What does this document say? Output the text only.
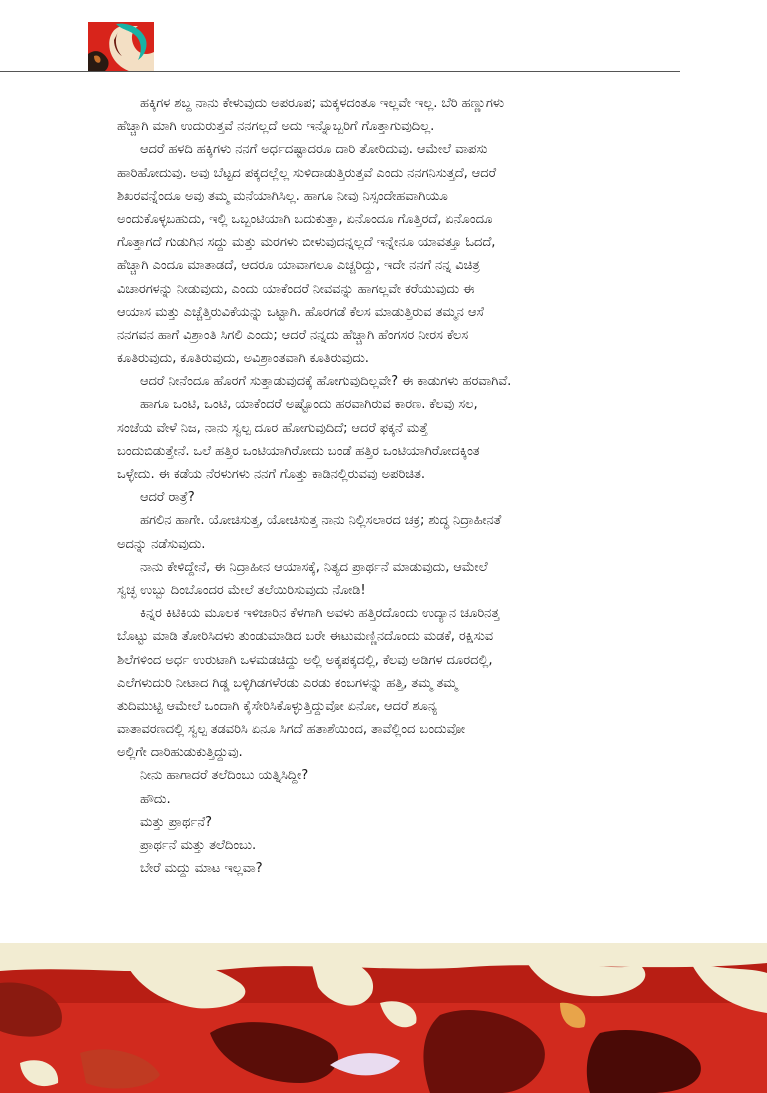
ಹಕ್ಕಿಗಳ ಶಬ್ದ ನಾನು ಕೇಳುವುದು ಅಪರೂಪ; ಮಕ್ಕಳದಂತೂ ಇಲ್ಲವೇ ಇಲ್ಲ. ಬೆರಿ ಹಣ್ಣುಗಳು
ಹೆಚ್ಚಾಗಿ ಮಾಗಿ ಉದುರುತ್ತವೆ ನನಗಲ್ಲದೆ ಅದು ಇನ್ನೊಬ್ಬರಿಗೆ ಗೊತ್ತಾಗುವುದಿಲ್ಲ.
ಆದರೆ ಹಳದಿ ಹಕ್ಕಿಗಳು ನನಗೆ ಅರ್ಧದಷ್ಟಾದರೂ ದಾರಿ ತೋರಿದುವು. ಆಮೇಲೆ ವಾಪಸು
ಹಾರಿಹೋದುವು. ಅವು ಬೆಟ್ಟದ ಪಕ್ಕದಲ್ಲೆಲ್ಲ ಸುಳಿದಾಡುತ್ತಿರುತ್ತವೆ ಎಂದು ನನಗನಿಸುತ್ತದೆ, ಆದರೆ
ಶಿಖರವನ್ನೆಂದೂ ಅವು ತಮ್ಮ ಮನೆಯಾಗಿಸಿಲ್ಲ. ಹಾಗೂ ನೀವು ನಿಸ್ಸಂದೇಹವಾಗಿಯೂ
ಅಂದುಕೊಳ್ಳಬಹುದು, ಇಲ್ಲಿ ಒಬ್ಬಂಟಿಯಾಗಿ ಬದುಕುತ್ತಾ, ಏನೊಂದೂ ಗೊತ್ತಿರದೆ, ಏನೊಂದೂ
ಗೊತ್ತಾಗದೆ ಗುಡುಗಿನ ಸದ್ದು ಮತ್ತು ಮರಗಳು ಬೀಳುವುದನ್ನಲ್ಲದೆ ಇನ್ನೇನೂ ಯಾವತ್ತೂ ಓದದೆ,
ಹೆಚ್ಚಾಗಿ ಎಂದೂ ಮಾತಾಡದೆ, ಆದರೂ ಯಾವಾಗಲೂ ಎಚ್ಚರಿದ್ದು, ಇದೇ ನನಗೆ ನನ್ನ ವಿಚಿತ್ರ
ವಿಚಾರಗಳನ್ನು ನೀಡುವುದು, ಎಂದು ಯಾಕೆಂದರೆ ನೀವವನ್ನು ಹಾಗಲ್ಲವೇ ಕರೆಯುವುದು ಈ
ಆಯಾಸ ಮತ್ತು ಎಚ್ಚೆತ್ತಿರುವಿಕೆಯನ್ನು ಒಟ್ಟಾಗಿ. ಹೊರಗಡೆ ಕೆಲಸ ಮಾಡುತ್ತಿರುವ ತಮ್ಮನ ಆಸೆ
ನನಗವನ ಹಾಗೆ ವಿಶ್ರಾಂತಿ ಸಿಗಲಿ ಎಂದು; ಆದರೆ ನನ್ನದು ಹೆಚ್ಚಾಗಿ ಹೆಂಗಸರ ನೀರಸ ಕೆಲಸ
ಕೂತಿರುವುದು, ಕೂತಿರುವುದು, ಅವಿಶ್ರಾಂತವಾಗಿ ಕೂತಿರುವುದು.
ಆದರೆ ನೀನೆಂದೂ ಹೊರಗೆ ಸುತ್ತಾಡುವುದಕ್ಕೆ ಹೋಗುವುದಿಲ್ಲವೇ? ಈ ಕಾಡುಗಳು ಹರವಾಗಿವೆ.
ಹಾಗೂ ಒಂಟಿ, ಒಂಟಿ, ಯಾಕೆಂದರೆ ಅಷ್ಟೊಂದು ಹರವಾಗಿರುವ ಕಾರಣ. ಕೆಲವು ಸಲ,
ಸಂಜೆಯ ವೇಳೆ ನಿಜ, ನಾನು ಸ್ವಲ್ಪ ದೂರ ಹೋಗುವುದಿದೆ; ಆದರೆ ಫಕ್ಕನೆ ಮತ್ತೆ
ಬಂದುಬಿಡುತ್ತೇನೆ. ಒಲೆ ಹತ್ತಿರ ಒಂಟಿಯಾಗಿರೋದು ಬಂಡೆ ಹತ್ತಿರ ಒಂಟಿಯಾಗಿರೋದಕ್ಕಿಂತ
ಒಳ್ಳೇದು. ಈ ಕಡೆಯ ನೆರಳುಗಳು ನನಗೆ ಗೊತ್ತು ಕಾಡಿನಲ್ಲಿರುವವು ಅಪರಿಚಿತ.
ಆದರೆ ರಾತ್ರೆ?
ಹಗಲಿನ ಹಾಗೇ. ಯೋಚಿಸುತ್ತ, ಯೋಚಿಸುತ್ತ ನಾನು ನಿಲ್ಲಿಸಲಾರದ ಚಕ್ರ; ಶುದ್ಧ ನಿದ್ರಾಹೀನತೆ
ಅದನ್ನು ನಡೆಸುವುದು.
ನಾನು ಕೇಳಿದ್ದೇನೆ, ಈ ನಿದ್ರಾಹೀನ ಆಯಾಸಕ್ಕೆ, ನಿತ್ಯದ ಪ್ರಾರ್ಥನೆ ಮಾಡುವುದು, ಆಮೇಲೆ
ಸ್ವಚ್ಛ ಉಬ್ಬು ದಿಂಬೊಂದರ ಮೇಲೆ ತಲೆಯಿರಿಸುವುದು ನೋಡಿ!
ಕಿನ್ನರ ಕಿಟಿಕಿಯ ಮೂಲಕ ಇಳಿಜಾರಿನ ಕೆಳಗಾಗಿ ಅವಳು ಹತ್ತಿರದೊಂದು ಉದ್ಯಾನ ಚೂರಿನತ್ತ
ಬೊಟ್ಟು ಮಾಡಿ ತೋರಿಸಿದಳು ತುಂಡುಮಾಡಿದ ಬರೇ ಈಟುಮಣ್ಣಿನದೊಂದು ಮಡಕೆ, ರಕ್ಷಿಸುವ
ಶಿಲೆಗಳಿಂದ ಅರ್ಧ ಉರುಟಾಗಿ ಒಳಮಡಚಿದ್ದು ಅಲ್ಲಿ ಅಕ್ಕಪಕ್ಕದಲ್ಲಿ, ಕೆಲವು ಅಡಿಗಳ ದೂರದಲ್ಲಿ,
ಎಲೆಗಳುದುರಿ ನೀಟಾದ ಗಿಡ್ಡ ಬಳ್ಳಿಗಿಡಗಳೆರಡು ಎರಡು ಕಂಬಗಳನ್ನು ಹತ್ತಿ, ತಮ್ಮ ತಮ್ಮ
ತುದಿಮುಟ್ಟಿ ಆಮೇಲೆ ಒಂದಾಗಿ ಕೈಸೇರಿಸಿಕೊಳ್ಳುತ್ತಿದ್ದುವೋ ಏನೋ, ಆದರೆ ಶೂನ್ಯ
ವಾತಾವರಣದಲ್ಲಿ ಸ್ವಲ್ಪ ತಡವರಿಸಿ ಏನೂ ಸಿಗದೆ ಹತಾಶೆಯಿಂದ, ತಾವೆಲ್ಲಿಂದ ಬಂದುವೋ
ಅಲ್ಲಿಗೇ ದಾರಿಹುಡುಕುತ್ತಿದ್ದುವು.
ನೀನು ಹಾಗಾದರೆ ತಲೆದಿಂಬು ಯತ್ನಿಸಿದ್ದೀ?
ಹೌದು.
ಮತ್ತು ಪ್ರಾರ್ಥನೆ?
ಪ್ರಾರ್ಥನೆ ಮತ್ತು ತಲೆದಿಂಬು.
ಬೇರೆ ಮದ್ದು ಮಾಟ ಇಲ್ಲವಾ?
